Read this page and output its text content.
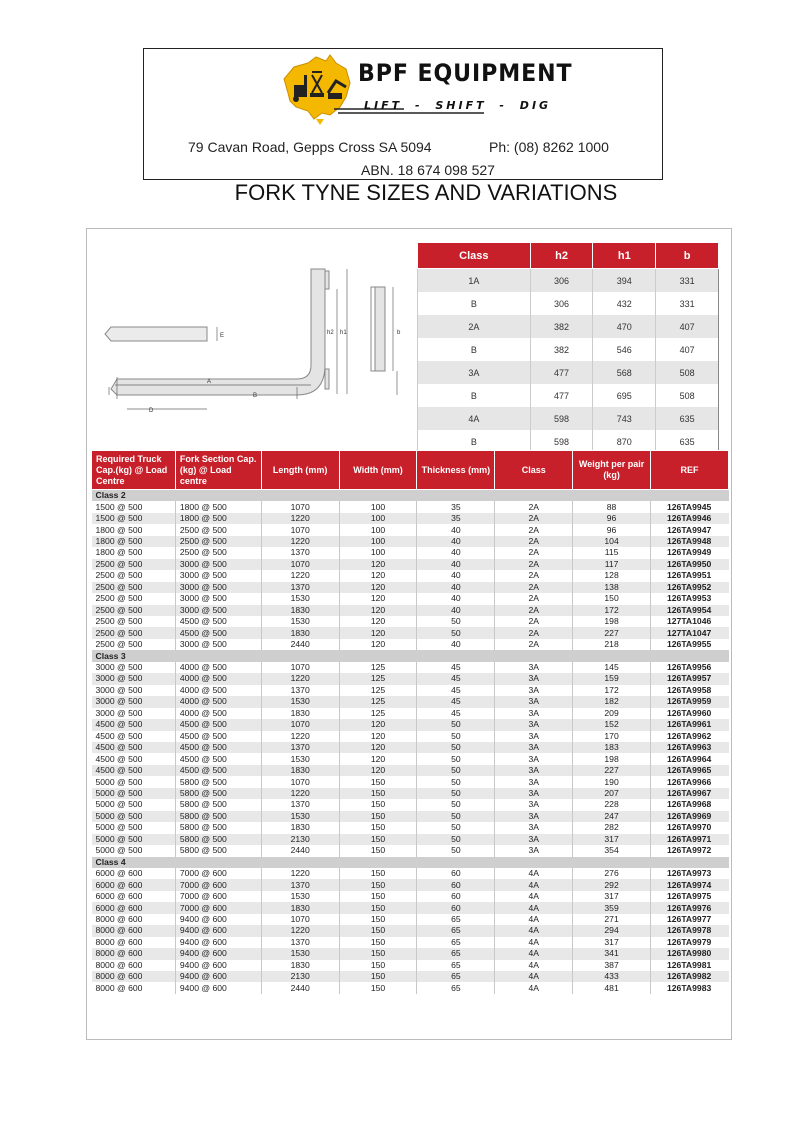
BPF EQUIPMENT
LIFT - SHIFT - DIG
79 Cavan Road, Gepps Cross SA 5094	Ph: (08) 8262 1000
ABN. 18 674 098 527
FORK TYNE SIZES AND VARIATIONS
h2 h1	b
A
B
D
E
Class	h2	h1	b
1A	306	394	331
B	306	432	331
2A	382	470	407
B	382	546	407
3A	477	568	508
B	477	695	508
4A	598	743	635
B	598	870	635
Required Truck Cap.(kg) @ Load Centre	Fork Section Cap. (kg) @ Load centre	Length (mm)	Width (mm)	Thickness (mm)	Class	Weight per pair (kg)	REF
Class 2							
1500 @ 500	1800 @ 500	1070	100	35	2A	88	126TA9945
1500 @ 500	1800 @ 500	1220	100	35	2A	96	126TA9946
1800 @ 500	2500 @ 500	1070	100	40	2A	96	126TA9947
1800 @ 500	2500 @ 500	1220	100	40	2A	104	126TA9948
1800 @ 500	2500 @ 500	1370	100	40	2A	115	126TA9949
2500 @ 500	3000 @ 500	1070	120	40	2A	117	126TA9950
2500 @ 500	3000 @ 500	1220	120	40	2A	128	126TA9951
2500 @ 500	3000 @ 500	1370	120	40	2A	138	126TA9952
2500 @ 500	3000 @ 500	1530	120	40	2A	150	126TA9953
2500 @ 500	3000 @ 500	1830	120	40	2A	172	126TA9954
2500 @ 500	4500 @ 500	1530	120	50	2A	198	127TA1046
2500 @ 500	4500 @ 500	1830	120	50	2A	227	127TA1047
2500 @ 500	3000 @ 500	2440	120	40	2A	218	126TA9955
Class 3							
3000 @ 500	4000 @ 500	1070	125	45	3A	145	126TA9956
3000 @ 500	4000 @ 500	1220	125	45	3A	159	126TA9957
3000 @ 500	4000 @ 500	1370	125	45	3A	172	126TA9958
3000 @ 500	4000 @ 500	1530	125	45	3A	182	126TA9959
3000 @ 500	4000 @ 500	1830	125	45	3A	209	126TA9960
4500 @ 500	4500 @ 500	1070	120	50	3A	152	126TA9961
4500 @ 500	4500 @ 500	1220	120	50	3A	170	126TA9962
4500 @ 500	4500 @ 500	1370	120	50	3A	183	126TA9963
4500 @ 500	4500 @ 500	1530	120	50	3A	198	126TA9964
4500 @ 500	4500 @ 500	1830	120	50	3A	227	126TA9965
5000 @ 500	5800 @ 500	1070	150	50	3A	190	126TA9966
5000 @ 500	5800 @ 500	1220	150	50	3A	207	126TA9967
5000 @ 500	5800 @ 500	1370	150	50	3A	228	126TA9968
5000 @ 500	5800 @ 500	1530	150	50	3A	247	126TA9969
5000 @ 500	5800 @ 500	1830	150	50	3A	282	126TA9970
5000 @ 500	5800 @ 500	2130	150	50	3A	317	126TA9971
5000 @ 500	5800 @ 500	2440	150	50	3A	354	126TA9972
Class 4							
6000 @ 600	7000 @ 600	1220	150	60	4A	276	126TA9973
6000 @ 600	7000 @ 600	1370	150	60	4A	292	126TA9974
6000 @ 600	7000 @ 600	1530	150	60	4A	317	126TA9975
6000 @ 600	7000 @ 600	1830	150	60	4A	359	126TA9976
8000 @ 600	9400 @ 600	1070	150	65	4A	271	126TA9977
8000 @ 600	9400 @ 600	1220	150	65	4A	294	126TA9978
8000 @ 600	9400 @ 600	1370	150	65	4A	317	126TA9979
8000 @ 600	9400 @ 600	1530	150	65	4A	341	126TA9980
8000 @ 600	9400 @ 600	1830	150	65	4A	387	126TA9981
8000 @ 600	9400 @ 600	2130	150	65	4A	433	126TA9982
8000 @ 600	9400 @ 600	2440	150	65	4A	481	126TA9983
